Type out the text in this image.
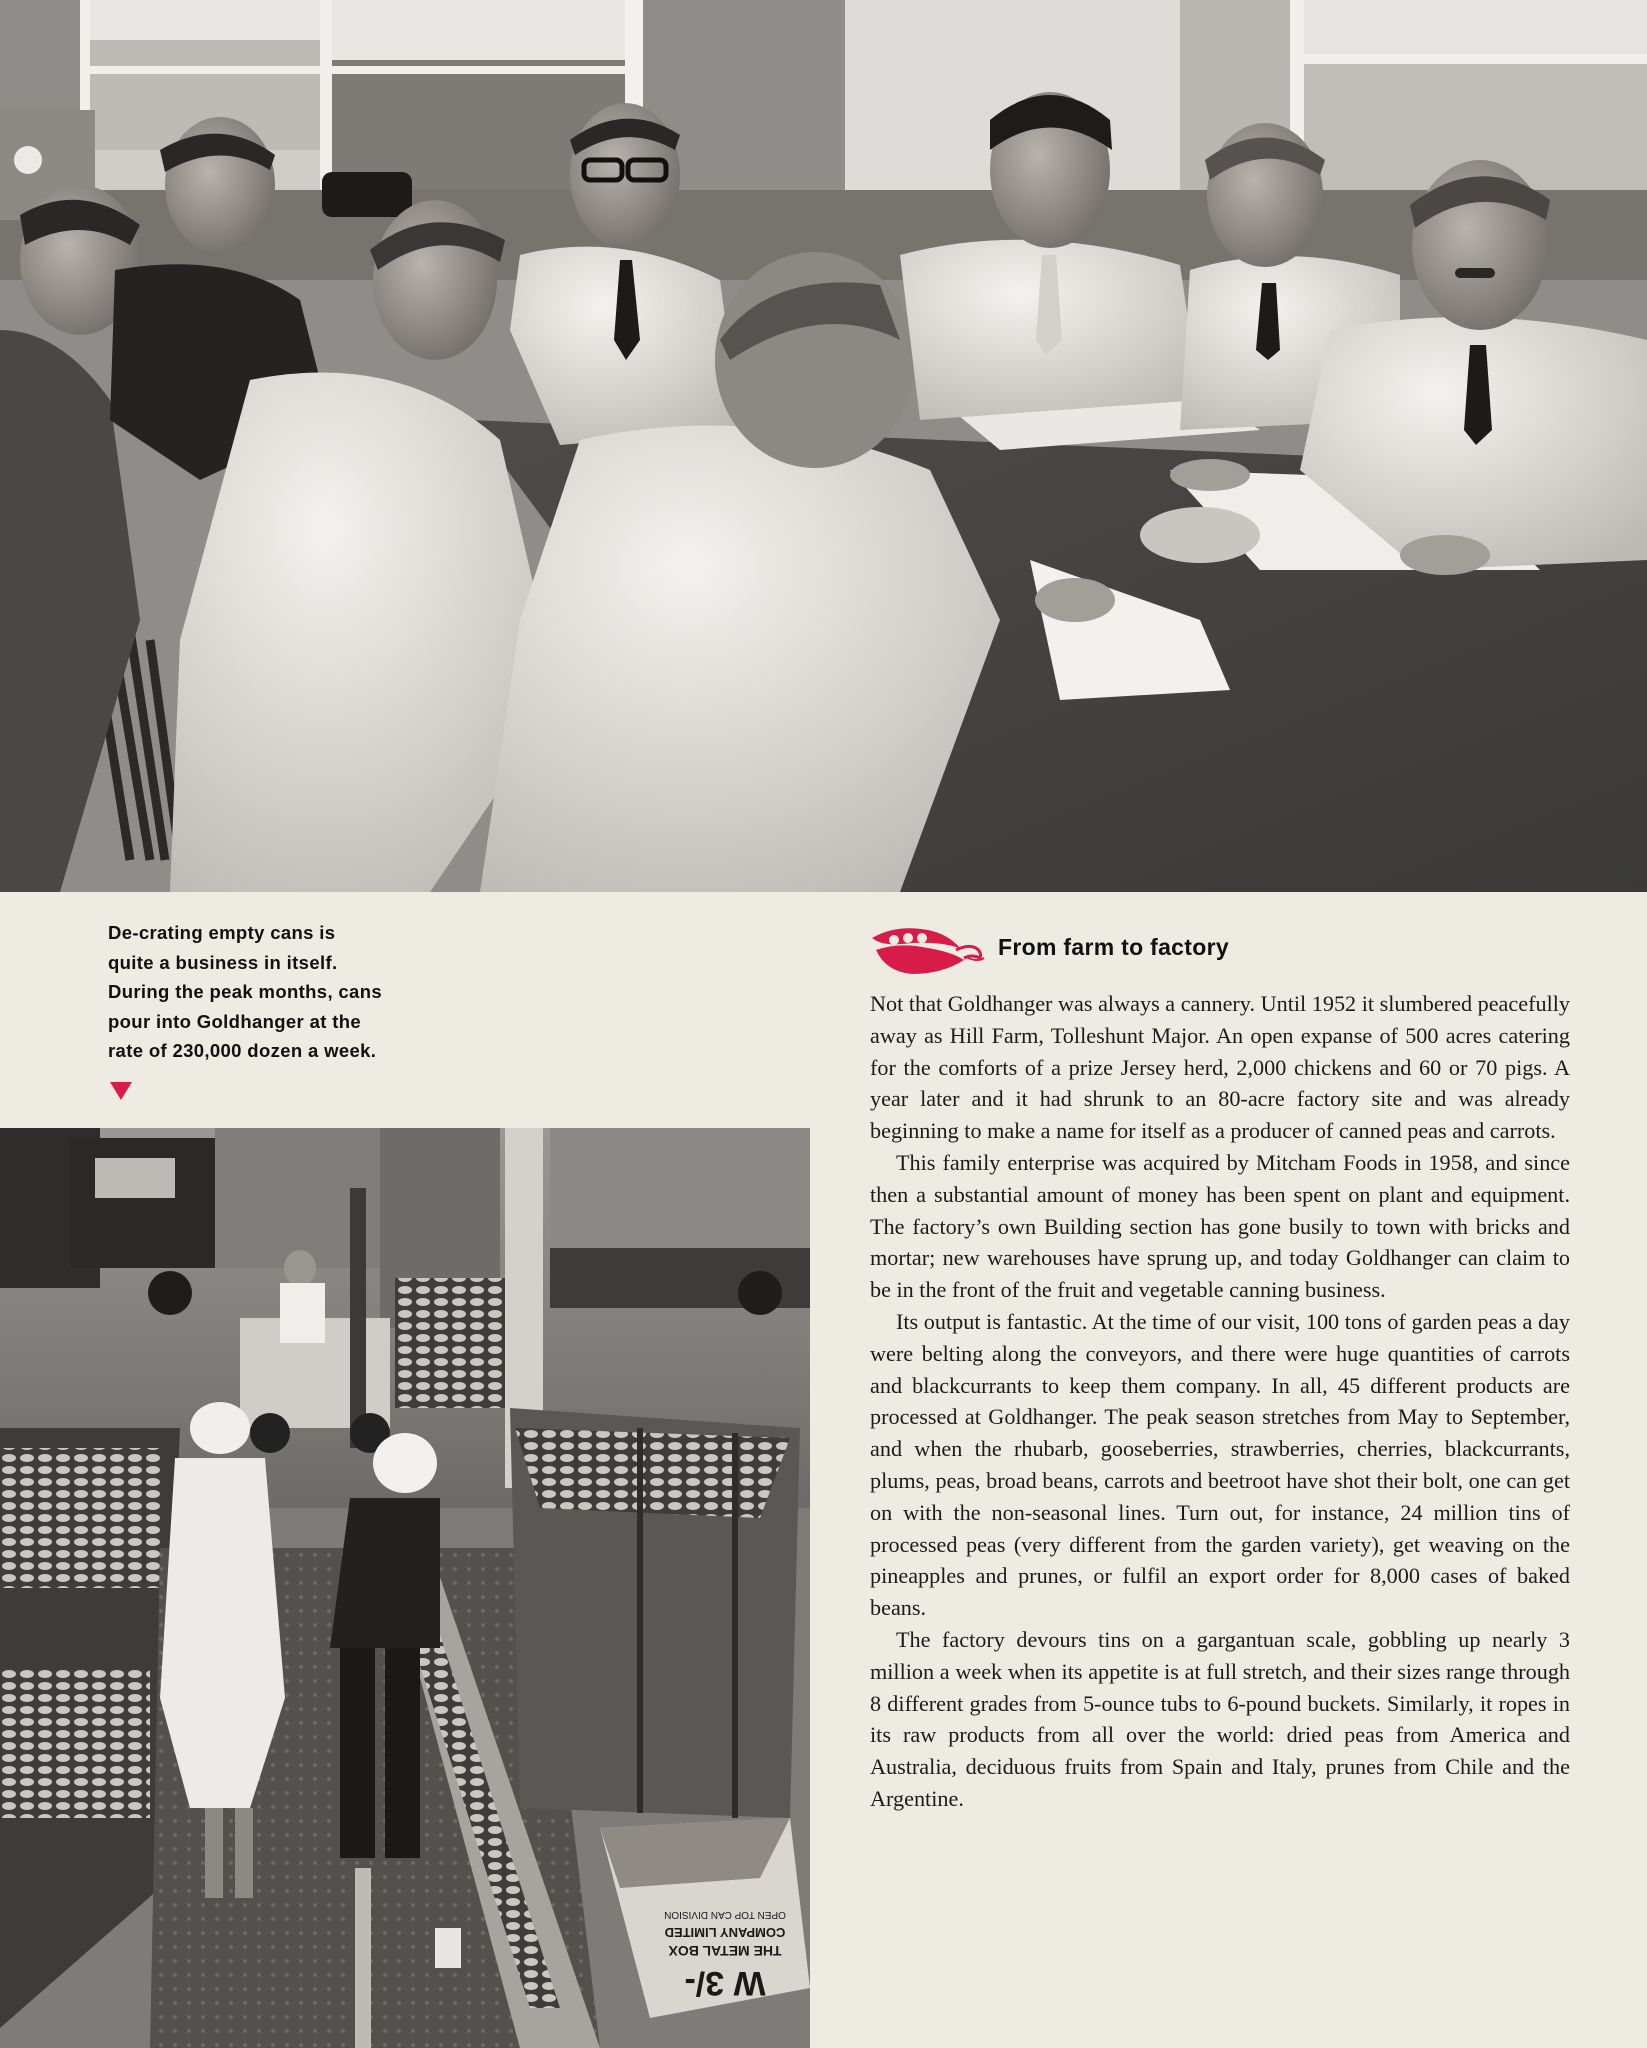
De-crating empty cans is
quite a business in itself.
During the peak months, cans
pour into Goldhanger at the
rate of 230,000 dozen a week.
From farm to factory

Not that Goldhanger was always a cannery. Until 1952 it slumbered peacefully away as Hill Farm, Tolleshunt Major. An open expanse of 500 acres catering for the comforts of a prize Jersey herd, 2,000 chickens and 60 or 70 pigs. A year later and it had shrunk to an 80-acre factory site and was already beginning to make a name for itself as a producer of canned peas and carrots.

This family enterprise was acquired by Mitcham Foods in 1958, and since then a substantial amount of money has been spent on plant and equipment. The factory’s own Building section has gone busily to town with bricks and mortar; new warehouses have sprung up, and today Goldhanger can claim to be in the front of the fruit and vegetable canning business.

Its output is fantastic. At the time of our visit, 100 tons of garden peas a day were belting along the conveyors, and there were huge quantities of carrots and blackcurrants to keep them company. In all, 45 different products are processed at Goldhanger. The peak season stretches from May to September, and when the rhubarb, gooseberries, strawberries, cherries, blackcurrants, plums, peas, broad beans, carrots and beetroot have shot their bolt, one can get on with the non-seasonal lines. Turn out, for instance, 24 million tins of processed peas (very different from the garden variety), get weaving on the pineapples and prunes, or fulfil an export order for 8,000 cases of baked beans.

The factory devours tins on a gargantuan scale, gobbling up nearly 3 million a week when its appetite is at full stretch, and their sizes range through 8 different grades from 5-ounce tubs to 6-pound buckets. Similarly, it ropes in its raw products from all over the world: dried peas from America and Australia, deciduous fruits from Spain and Italy, prunes from Chile and the Argentine.

W 3/-
THE METAL BOX
COMPANY LIMITED
OPEN TOP CAN DIVISION
